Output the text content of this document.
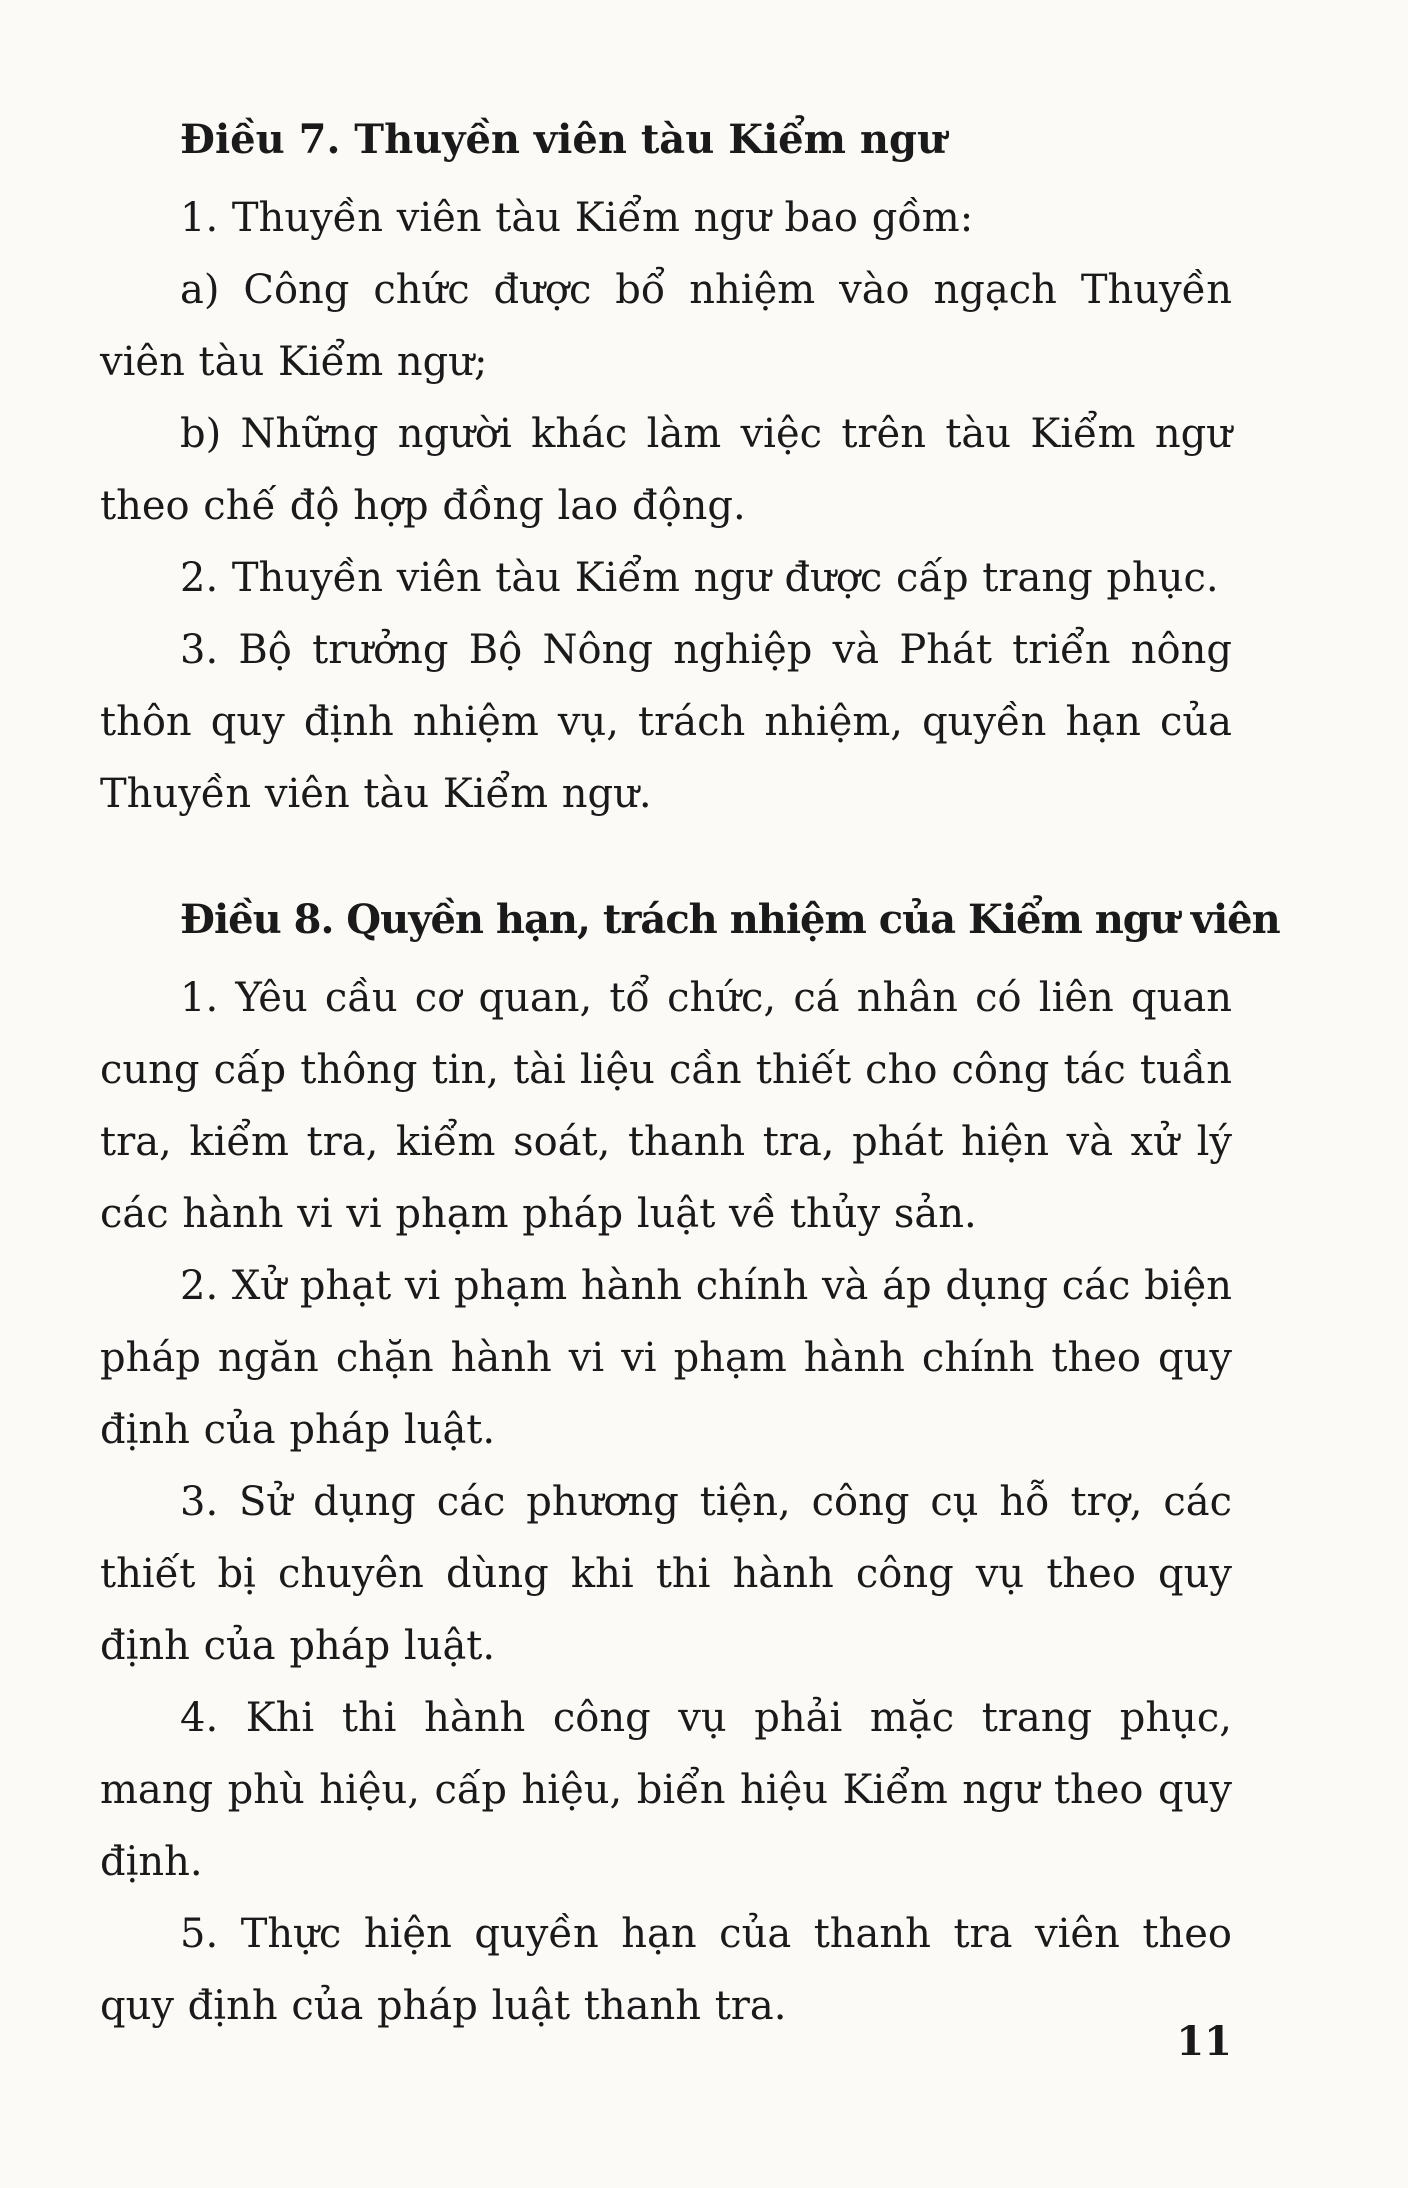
Điều 7. Thuyền viên tàu Kiểm ngư

1. Thuyền viên tàu Kiểm ngư bao gồm:

a) Công chức được bổ nhiệm vào ngạch Thuyền viên tàu Kiểm ngư;

b) Những người khác làm việc trên tàu Kiểm ngư theo chế độ hợp đồng lao động.

2. Thuyền viên tàu Kiểm ngư được cấp trang phục.

3. Bộ trưởng Bộ Nông nghiệp và Phát triển nông thôn quy định nhiệm vụ, trách nhiệm, quyền hạn của Thuyền viên tàu Kiểm ngư.

Điều 8. Quyền hạn, trách nhiệm của Kiểm ngư viên

1. Yêu cầu cơ quan, tổ chức, cá nhân có liên quan cung cấp thông tin, tài liệu cần thiết cho công tác tuần tra, kiểm tra, kiểm soát, thanh tra, phát hiện và xử lý các hành vi vi phạm pháp luật về thủy sản.

2. Xử phạt vi phạm hành chính và áp dụng các biện pháp ngăn chặn hành vi vi phạm hành chính theo quy định của pháp luật.

3. Sử dụng các phương tiện, công cụ hỗ trợ, các thiết bị chuyên dùng khi thi hành công vụ theo quy định của pháp luật.

4. Khi thi hành công vụ phải mặc trang phục, mang phù hiệu, cấp hiệu, biển hiệu Kiểm ngư theo quy định.

5. Thực hiện quyền hạn của thanh tra viên theo quy định của pháp luật thanh tra.

11
